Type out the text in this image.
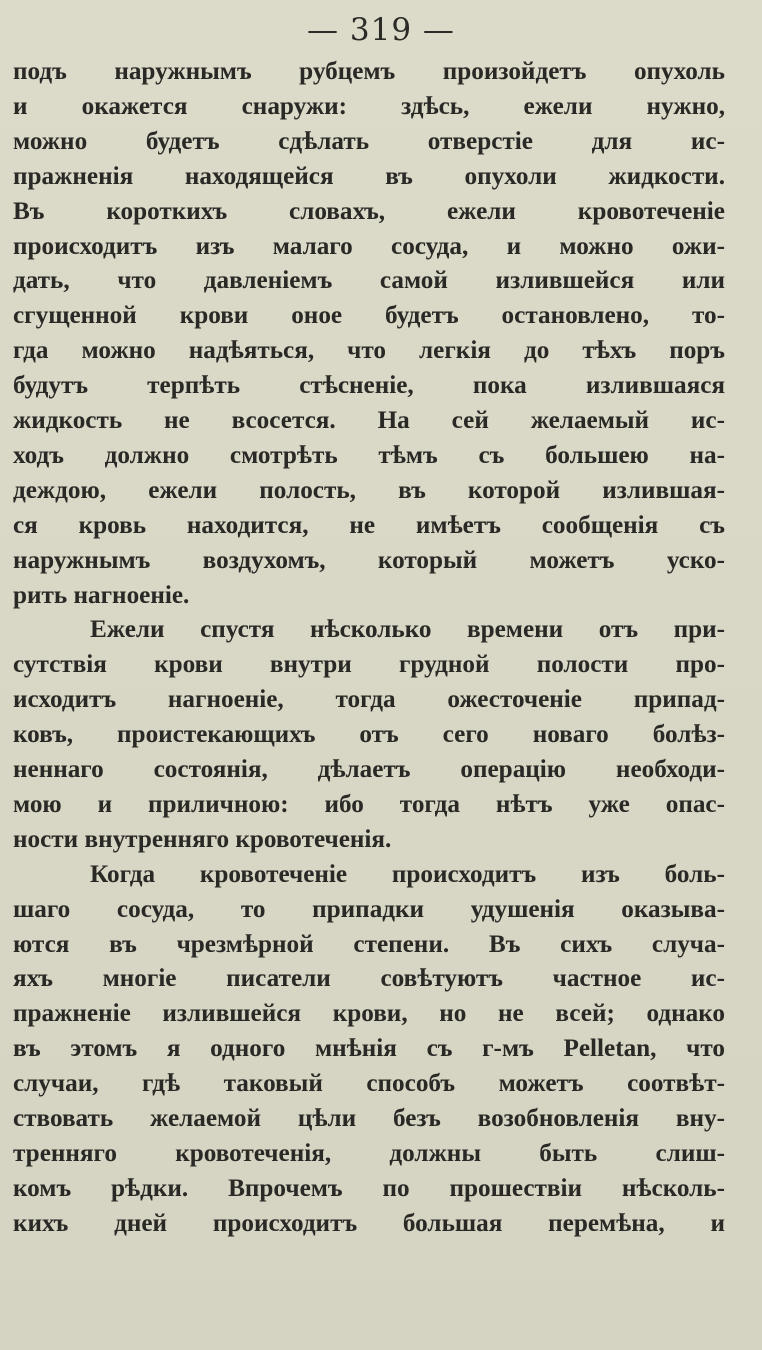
— 319 —
подъ наружнымъ рубцемъ произойдетъ опухоль
и окажется снаружи: здѣсь, ежели нужно,
можно будетъ сдѣлать отверстіе для ис-
пражненія находящейся въ опухоли жидкости.
Въ короткихъ словахъ, ежели кровотеченіе
происходитъ изъ малаго сосуда, и можно ожи-
дать, что давленіемъ самой излившейся или
сгущенной крови оное будетъ остановлено, то-
гда можно надѣяться, что легкія до тѣхъ поръ
будутъ терпѣть стѣсненіе, пока излившаяся
жидкость не всосется. На сей желаемый ис-
ходъ должно смотрѣть тѣмъ съ большею на-
деждою, ежели полость, въ которой излившая-
ся кровь находится, не имѣетъ сообщенія съ
наружнымъ воздухомъ, который можетъ уско-
рить нагноеніе.
Ежели спустя нѣсколько времени отъ при-
сутствія крови внутри грудной полости про-
исходитъ нагноеніе, тогда ожесточеніе припад-
ковъ, проистекающихъ отъ сего новаго болѣз-
неннаго состоянія, дѣлаетъ операцію необходи-
мою и приличною: ибо тогда нѣтъ уже опас-
ности внутренняго кровотеченія.
Когда кровотеченіе происходитъ изъ боль-
шаго сосуда, то припадки удушенія оказыва-
ются въ чрезмѣрной степени. Въ сихъ случа-
яхъ многіе писатели совѣтуютъ частное ис-
пражненіе излившейся крови, но не всей; однако
въ этомъ я одного мнѣнія съ г-мъ Pelletan, что
случаи, гдѣ таковый способъ можетъ соотвѣт-
ствовать желаемой цѣли безъ возобновленія вну-
тренняго кровотеченія, должны быть слиш-
комъ рѣдки. Впрочемъ по прошествіи нѣсколь-
кихъ дней происходитъ большая перемѣна, и
